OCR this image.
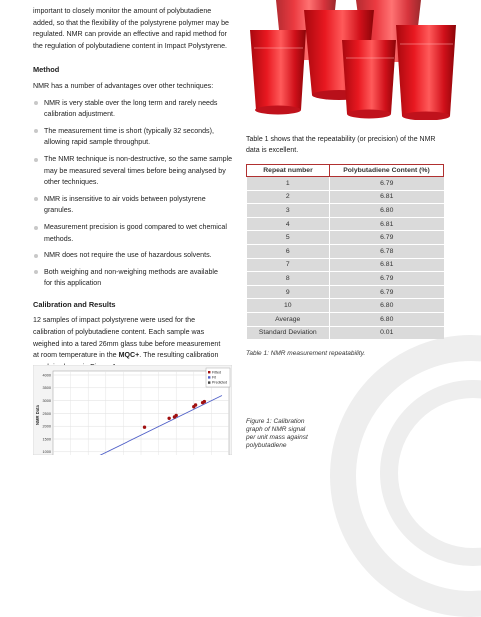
important to closely monitor the amount of polybutadiene

added, so that the flexibility of the polystyrene polymer may be

regulated. NMR can provide an effective and rapid method for

the regulation of polybutadiene content in Impact Polystyrene.

Method

NMR has a number of advantages over other techniques:

NMR is very stable over the long term and rarely needs
calibration adjustment.
The measurement time is short (typically 32 seconds),
allowing rapid sample throughput.
The NMR technique is non-destructive, so the same sample
may be measured several times before being analysed by
other techniques.
NMR is insensitive to air voids between polystyrene granules.
Measurement precision is good compared to wet chemical
methods.
NMR does not require the use of hazardous solvents.
Both weighing and non-weighing methods are available
for this application

Calibration and Results

12 samples of impact polystyrene were used for the

calibration of polybutadiene content. Each sample was

weighed into a tared 26mm glass tube before measurement

at room temperature in the MQC+. The resulting calibration

Table 1 shows that the repeatability (or precision) of the NMR
data is excellent.
Repeat number	Polybutadiene Content (%)
1	6.79
2	6.81
3	6.80
4	6.81
5	6.79
6	6.78
7	6.81
8	6.79
9	6.79
10	6.80
Average	6.80
Standard Deviation	0.01
Table 1: NMR measurement repeatability.
Figure 1: Calibration
graph of NMR signal
per unit mass against
polybutadiene
4000
3500
3000
2500
2000
1500
1000
NMR Data
Fitted
Fit
Predicted
